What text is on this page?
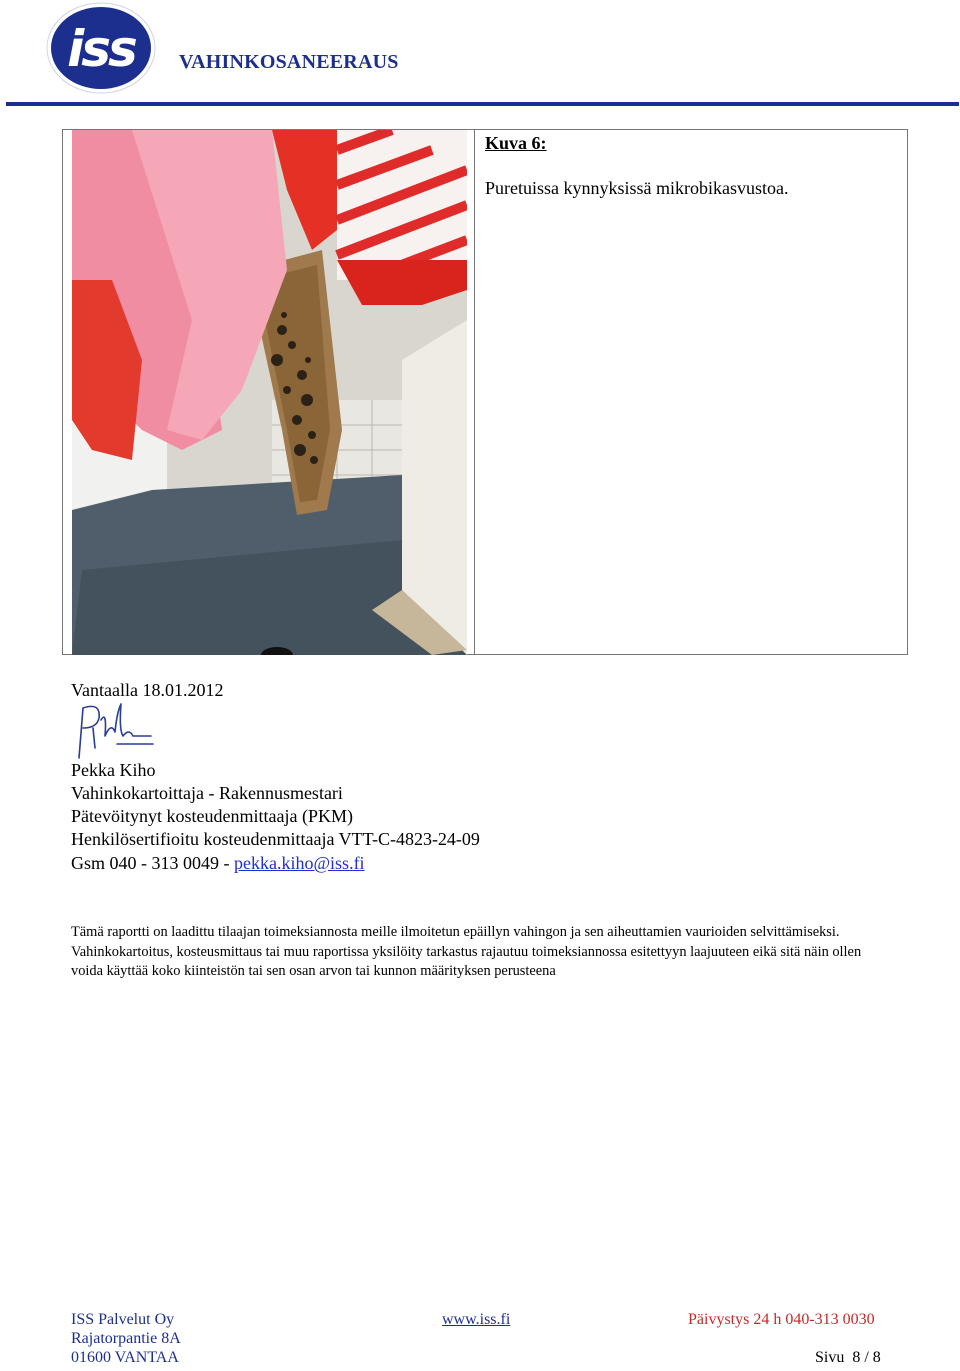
iss VAHINKOSANEERAUS
Kuva 6:
Puretuissa kynnyksissä mikrobikasvustoa.
Vantaalla 18.01.2012
Pekka Kiho
Vahinkokartoittaja - Rakennusmestari
Pätevöitynyt kosteudenmittaaja (PKM)
Henkilösertifioitu kosteudenmittaaja VTT-C-4823-24-09
Gsm 040 - 313 0049 - pekka.kiho@iss.fi
Tämä raportti on laadittu tilaajan toimeksiannosta meille ilmoitetun epäillyn vahingon ja sen aiheuttamien vaurioiden selvittämiseksi. Vahinkokartoitus, kosteusmittaus tai muu raportissa yksilöity tarkastus rajautuu toimeksiannossa esitettyyn laajuuteen eikä sitä näin ollen voida käyttää koko kiinteistön tai sen osan arvon tai kunnon määrityksen perusteena
ISS Palvelut Oy
Rajatorpantie 8A
01600 VANTAA
www.iss.fi	Päivystys 24 h 040-313 0030
Sivu  8 / 8
